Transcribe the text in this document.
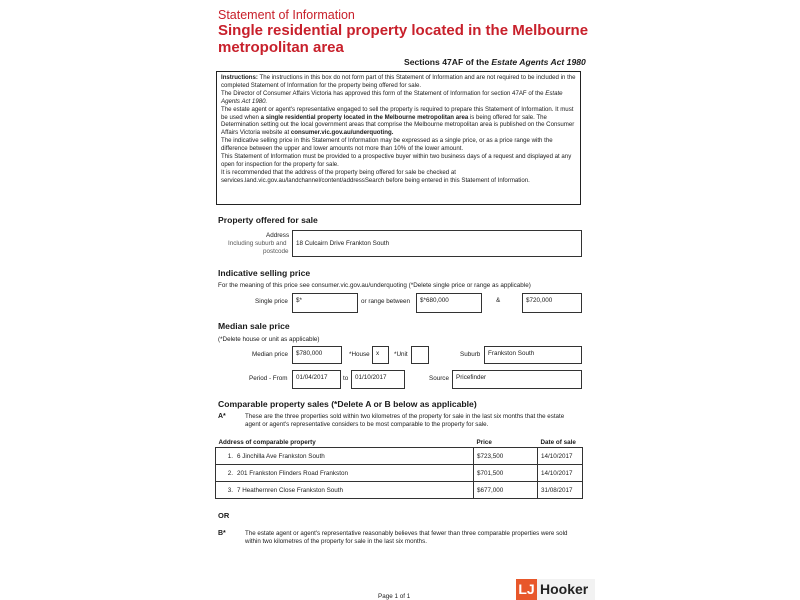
Statement of Information
Single residential property located in the Melbourne metropolitan area
Sections 47AF of the Estate Agents Act 1980

Instructions: The instructions in this box do not form part of this Statement of Information and are not required to be included in the completed Statement of Information for the property being offered for sale.

The Director of Consumer Affairs Victoria has approved this form of the Statement of Information for section 47AF of the Estate Agents Act 1980.

The estate agent or agent's representative engaged to sell the property is required to prepare this Statement of Information. It must be used when a single residential property located in the Melbourne metropolitan area is being offered for sale. The Determination setting out the local government areas that comprise the Melbourne metropolitan area is published on the Consumer Affairs Victoria website at consumer.vic.gov.au/underquoting.

The indicative selling price in this Statement of Information may be expressed as a single price, or as a price range with the difference between the upper and lower amounts not more than 10% of the lower amount.

This Statement of Information must be provided to a prospective buyer within two business days of a request and displayed at any open for inspection for the property for sale.

It is recommended that the address of the property being offered for sale be checked at services.land.vic.gov.au/landchannel/content/addressSearch before being entered in this Statement of Information.

Property offered for sale
Address
Including suburb and
postcode
18 Culcairn Drive Frankton South
Indicative selling price
For the meaning of this price see consumer.vic.gov.au/underquoting (*Delete single price or range as applicable)
Single price	$*	or range between	$*680,000	&	$720,000
Median sale price
(*Delete house or unit as applicable)
Median price	$780,000	*House	x	*Unit	Suburb	Frankston South
Period - From	01/04/2017	to	01/10/2017	Source	Pricefinder
Comparable property sales (*Delete A or B below as applicable)
A*	These are the three properties sold within two kilometres of the property for sale in the last six months that the estate agent or agent's representative considers to be most comparable to the property for sale.
Address of comparable property	Price	Date of sale
1. 6 Jinchilla Ave Frankston South	$723,500	14/10/2017
2. 201 Frankston Flinders Road Frankston	$701,500	14/10/2017
3. 7 Heathernren Close Frankston South	$677,000	31/08/2017
OR
B*	The estate agent or agent's representative reasonably believes that fewer than three comparable properties were sold within two kilometres of the property for sale in the last six months.
Page 1 of 1	LJ Hooker
